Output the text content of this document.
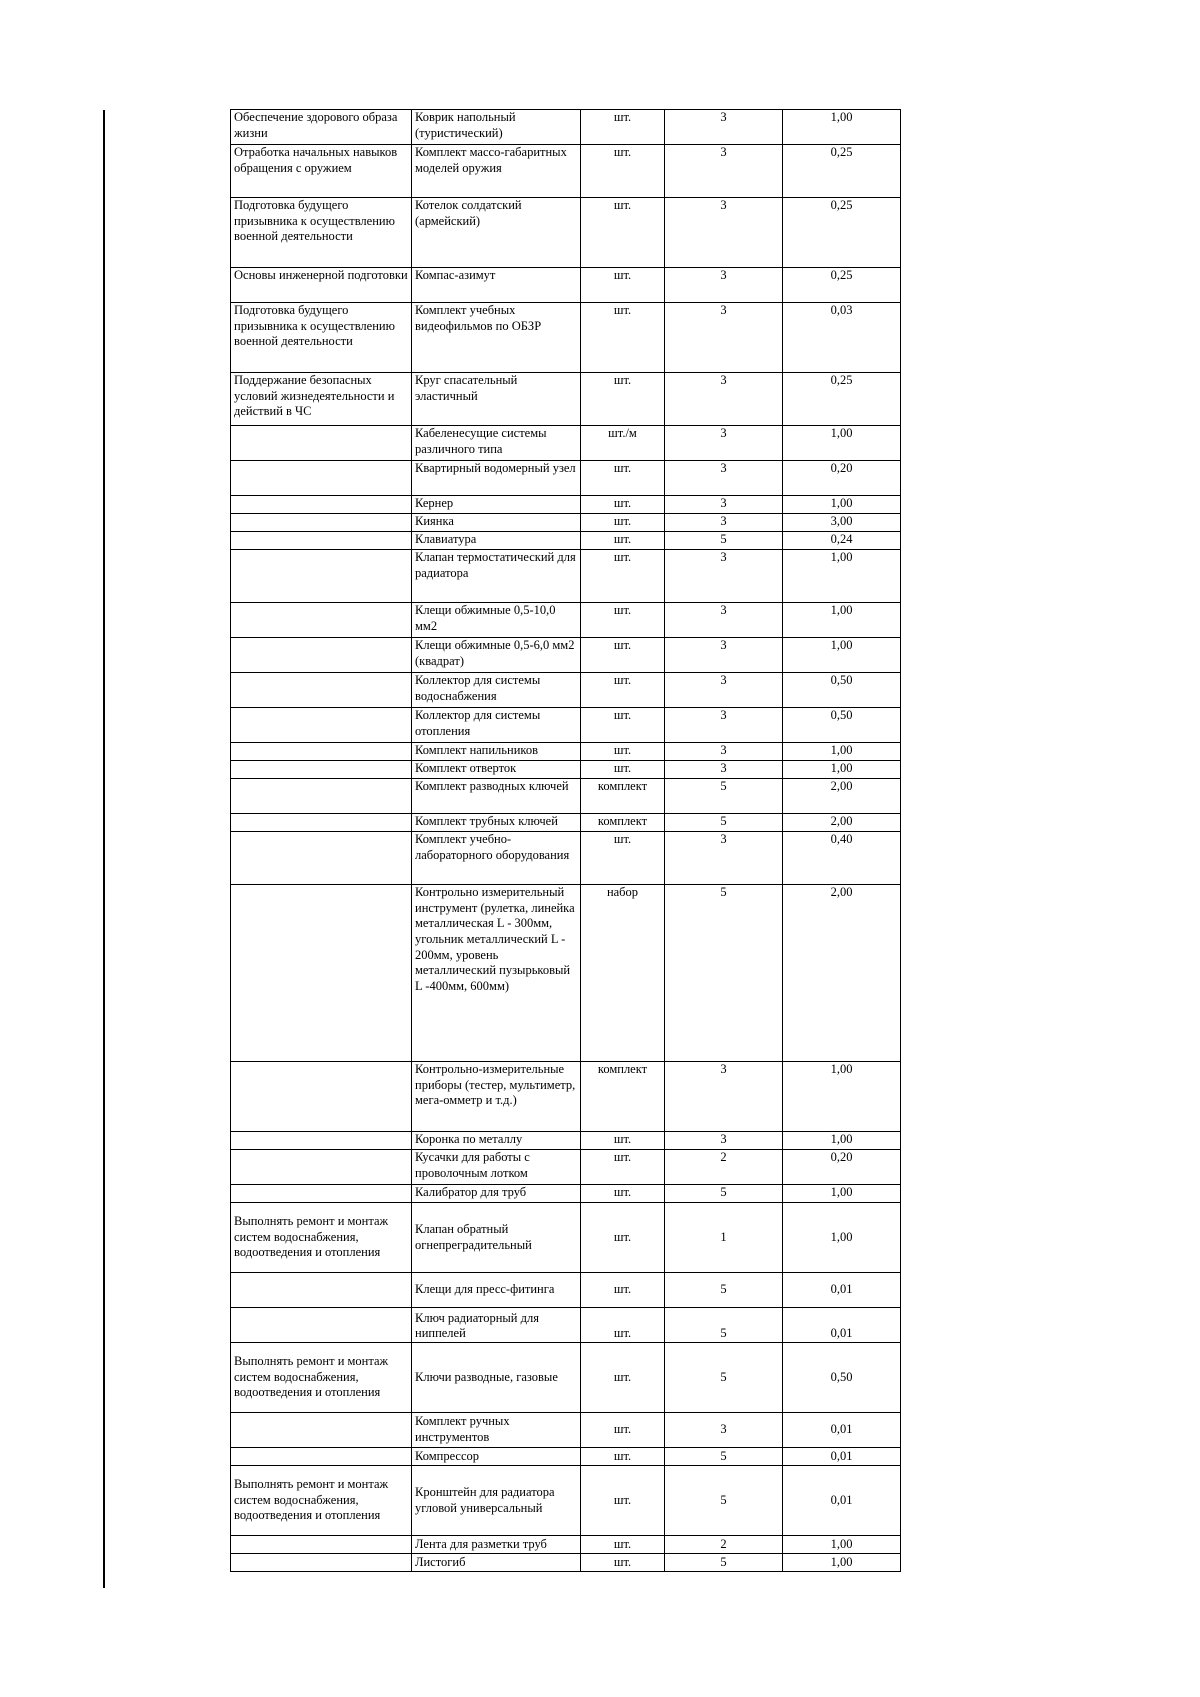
Обеспечение здорового образа жизни	Коврик напольный (туристический)	шт.	3	1,00
Отработка начальных навыков обращения с оружием	Комплект массо-габаритных моделей оружия	шт.	3	0,25
Подготовка будущего призывника к осуществлению военной деятельности	Котелок солдатский (армейский)	шт.	3	0,25
Основы инженерной подготовки	Компас-азимут	шт.	3	0,25
Подготовка будущего призывника к осуществлению военной деятельности	Комплект учебных видеофильмов по ОБЗР	шт.	3	0,03
Поддержание безопасных условий жизнедеятельности и действий в ЧС	Круг спасательный эластичный	шт.	3	0,25
	Кабеленесущие системы различного типа	шт./м	3	1,00
	Квартирный водомерный узел	шт.	3	0,20
	Кернер	шт.	3	1,00
	Киянка	шт.	3	3,00
	Клавиатура	шт.	5	0,24
	Клапан термостатический для радиатора	шт.	3	1,00
	Клещи обжимные 0,5-10,0 мм2	шт.	3	1,00
	Клещи обжимные 0,5-6,0 мм2 (квадрат)	шт.	3	1,00
	Коллектор для системы водоснабжения	шт.	3	0,50
	Коллектор для системы отопления	шт.	3	0,50
	Комплект напильников	шт.	3	1,00
	Комплект отверток	шт.	3	1,00
	Комплект разводных ключей	комплект	5	2,00
	Комплект трубных ключей	комплект	5	2,00
	Комплект учебно-лабораторного оборудования	шт.	3	0,40
	Контрольно измерительный инструмент (рулетка, линейка металлическая L - 300мм, угольник металлический L - 200мм, уровень металлический пузырьковый L -400мм, 600мм)	набор	5	2,00
	Контрольно-измерительные приборы (тестер, мультиметр, мега-омметр и т.д.)	комплект	3	1,00
	Коронка по металлу	шт.	3	1,00
	Кусачки для работы с проволочным лотком	шт.	2	0,20
	Калибратор для труб	шт.	5	1,00
Выполнять ремонт и монтаж систем водоснабжения, водоотведения и отопления	Клапан обратный огнепреградительный	шт.	1	1,00
	Клещи для пресс-фитинга	шт.	5	0,01
	Ключ радиаторный для ниппелей	шт.	5	0,01
Выполнять ремонт и монтаж систем водоснабжения, водоотведения и отопления	Ключи разводные, газовые	шт.	5	0,50
	Комплект ручных инструментов	шт.	3	0,01
	Компрессор	шт.	5	0,01
Выполнять ремонт и монтаж систем водоснабжения, водоотведения и отопления	Кронштейн для радиатора угловой универсальный	шт.	5	0,01
	Лента для разметки труб	шт.	2	1,00
	Листогиб	шт.	5	1,00
